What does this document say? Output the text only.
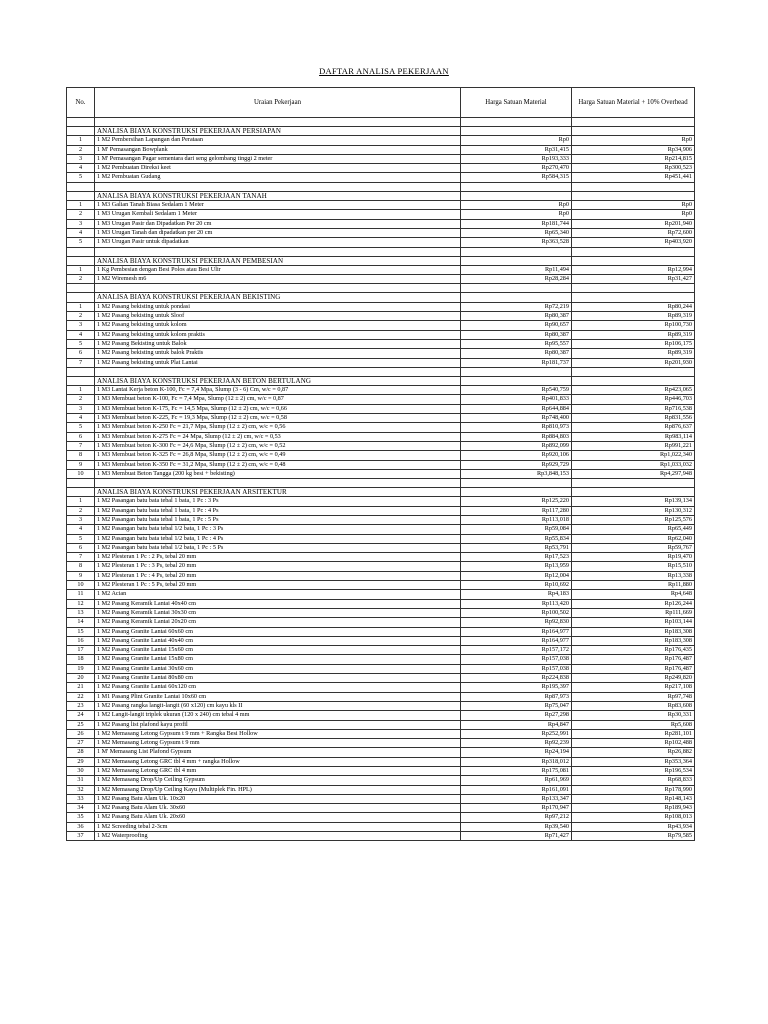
DAFTAR ANALISA PEKERJAAN
No.	Uraian Pekerjaan	Harga Satuan Material	Harga Satuan Material + 10% Overhead

	ANALISA BIAYA KONSTRUKSI PEKERJAAN PERSIAPAN		
1	1 M2 Pembersihan Lapangan dan Perataan	Rp0	Rp0
2	1 M' Pemasangan Bowplank	Rp31,415	Rp34,906
3	1 M' Pemasangan Pagar sementara dari seng gelombang tinggi 2 meter	Rp193,333	Rp214,815
4	1 M2 Pembuatan Direksi keet	Rp270,470	Rp300,523
5	1 M2 Pembuatan Gudang	Rp584,315	Rp451,441

	ANALISA BIAYA KONSTRUKSI PEKERJAAN TANAH		
1	1 M3 Galian Tanah Biasa Sedalam 1 Meter	Rp0	Rp0
2	1 M3 Urugan Kembali Sedalam 1 Meter	Rp0	Rp0
3	1 M3 Urugan Pasir dan Dipadatkan Per 20 cm	Rp181,744	Rp201,940
4	1 M3 Urugan Tanah dan dipadatkan per 20 cm	Rp65,340	Rp72,600
5	1 M3 Urugan Pasir untuk dipadatkan	Rp363,528	Rp403,920

	ANALISA BIAYA KONSTRUKSI PEKERJAAN PEMBESIAN		
1	1 Kg Pembesian dengan Besi Polos atau Besi Ulir	Rp11,494	Rp12,994
2	1 M2 Wiremesh m6	Rp28,284	Rp31,427

	ANALISA BIAYA KONSTRUKSI PEKERJAAN BEKISTING		
1	1 M2 Pasang bekisting untuk pondasi	Rp72,219	Rp80,244
2	1 M2 Pasang bekisting untuk Sloof	Rp80,387	Rp89,319
3	1 M2 Pasang bekisting untuk kolom	Rp90,657	Rp100,730
4	1 M2 Pasang bekisting untuk kolom praktis	Rp80,387	Rp89,319
5	1 M2 Pasang Bekisting untuk Balok	Rp95,557	Rp106,175
6	1 M2 Pasang bekisting untuk balok Praktis	Rp80,387	Rp89,319
7	1 M2 Pasang bekisting untuk Plat Lantai	Rp181,737	Rp201,930

	ANALISA BIAYA KONSTRUKSI PEKERJAAN BETON BERTULANG		
1	1 M3 Lantai Kerja beton K-100, Fc = 7,4 Mpa, Slump (3 - 6) Cm, w/c = 0,87	Rp540,759	Rp423,065
2	1 M3 Membuat beton K-100, Fc = 7,4 Mpa, Slump (12 ± 2) cm, w/c = 0,87	Rp401,833	Rp446,703
3	1 M3 Membuat beton K-175, Fc = 14,5 Mpa, Slump (12 ± 2) cm, w/c = 0,66	Rp644,884	Rp716,538
4	1 M3 Membuat beton K-225, Fc = 19,3 Mpa, Slump (12 ± 2) cm, w/c = 0,58	Rp748,400	Rp831,556
5	1 M3 Membuat beton K-250 Fc = 21,7 Mpa, Slump (12 ± 2) cm, w/c = 0,56	Rp810,973	Rp876,637
6	1 M3 Membuat beton K-275 Fc = 24 Mpa, Slump (12 ± 2) cm, w/c = 0,53	Rp884,803	Rp983,114
7	1 M3 Membuat beton K-300 Fc = 24,6 Mpa, Slump (12 ± 2) cm, w/c = 0,52	Rp892,099	Rp991,221
8	1 M3 Membuat beton K-325 Fc = 26,8 Mpa, Slump (12 ± 2) cm, w/c = 0,49	Rp920,106	Rp1,022,340
9	1 M3 Membuat beton K-350 Fc = 31,2 Mpa, Slump (12 ± 2) cm, w/c = 0,48	Rp929,729	Rp1,033,032
10	1 M3 Membuat Beton Tangga (200 kg besi + bekisting)	Rp3,848,153	Rp4,297,948

	ANALISA BIAYA KONSTRUKSI PEKERJAAN ARSITEKTUR		
1	1 M2 Pasangan batu bata tebal 1 bata, 1 Pc : 3 Ps	Rp125,220	Rp139,134
2	1 M2 Pasangan batu bata tebal 1 bata, 1 Pc : 4 Ps	Rp117,280	Rp130,312
3	1 M2 Pasangan batu bata tebal 1 bata, 1 Pc : 5 Ps	Rp113,018	Rp125,576
4	1 M2 Pasangan batu bata tebal 1/2 bata, 1 Pc : 3 Ps	Rp59,084	Rp65,449
5	1 M2 Pasangan batu bata tebal 1/2 bata, 1 Pc : 4 Ps	Rp55,834	Rp62,040
6	1 M2 Pasangan batu bata tebal 1/2 bata, 1 Pc : 5 Ps	Rp53,791	Rp59,767
7	1 M2 Plesteran 1 Pc : 2 Ps, tebal 20 mm	Rp17,523	Rp19,470
8	1 M2 Plesteran 1 Pc : 3 Ps, tebal 20 mm	Rp13,959	Rp15,510
9	1 M2 Plesteran 1 Pc : 4 Ps, tebal 20 mm	Rp12,004	Rp13,338
10	1 M2 Plesteran 1 Pc : 5 Ps, tebal 20 mm	Rp10,692	Rp11,880
11	1 M2 Acian	Rp4,183	Rp4,648
12	1 M2 Pasang Keramik Lantai 40x40 cm	Rp113,420	Rp126,244
13	1 M2 Pasang Keramik Lantai 30x30 cm	Rp100,502	Rp111,669
14	1 M2 Pasang Keramik Lantai 20x20 cm	Rp92,830	Rp103,144
15	1 M2 Pasang Granite Lantai 60x60 cm	Rp164,977	Rp183,308
16	1 M2 Pasang Granite Lantai 40x40 cm	Rp164,977	Rp183,308
17	1 M2 Pasang Granite Lantai 15x60 cm	Rp157,172	Rp176,435
18	1 M2 Pasang Granite Lantai 15x80 cm	Rp157,038	Rp176,487
19	1 M2 Pasang Granite Lantai 30x60 cm	Rp157,038	Rp176,487
20	1 M2 Pasang Granite Lantai 80x80 cm	Rp224,838	Rp249,820
21	1 M2 Pasang Granite Lantai 60x120 cm	Rp195,397	Rp217,108
22	1 M1 Pasang Plint Granite Lantai 10x60 cm	Rp87,973	Rp97,748
23	1 M2 Pasang rangka langit-langit (60 x120) cm kayu kls II	Rp75,047	Rp83,608
24	1 M2 Langit-langit triplek ukuran (120 x 240) cm tebal 4 mm	Rp27,298	Rp30,331
25	1 M2 Pasang list plafond kayu profil	Rp4,847	Rp5,608
26	1 M2 Memasang Letong Gypsum t 9 mm + Rangka Besi Hollow	Rp252,991	Rp281,101
27	1 M2 Memasang Letong Gypsum t 9 mm	Rp92,239	Rp102,488
28	1 M' Memasang List Plafond Gypsum	Rp24,194	Rp26,882
29	1 M2 Memasang Letong GRC tbl 4 mm + rangka Hollow	Rp318,012	Rp353,364
30	1 M2 Memasang Letong GRC tbl 4 mm	Rp175,081	Rp196,534
31	1 M2 Memasang Drop/Up Ceiling Gypsum	Rp61,969	Rp68,833
32	1 M2 Memasang Drop/Up Ceiling Kayu (Multiplek Fin. HPL)	Rp161,091	Rp178,990
33	1 M2 Pasang Batu Alam Uk. 10x20	Rp133,347	Rp148,143
34	1 M2 Pasang Batu Alam Uk. 30x60	Rp170,947	Rp189,943
35	1 M2 Pasang Batu Alam Uk. 20x60	Rp97,212	Rp108,013
36	1 M2 Screeding tebal 2-3cm	Rp39,540	Rp43,934
37	1 M2 Waterproofing	Rp71,427	Rp79,585
